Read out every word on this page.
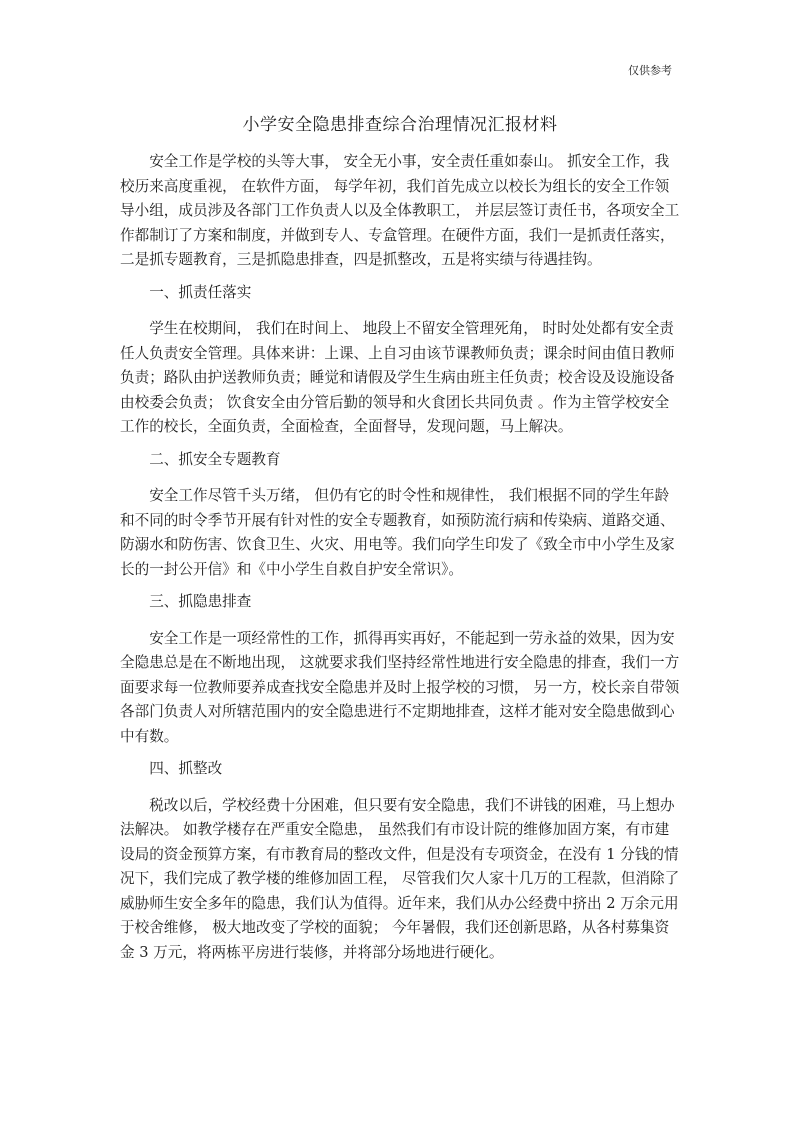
仅供参考
小学安全隐患排查综合治理情况汇报材料

安全工作是学校的头等大事， 安全无小事，安全责任重如泰山。 抓安全工作，我校历来高度重视， 在软件方面， 每学年初，我们首先成立以校长为组长的安全工作领导小组，成员涉及各部门工作负责人以及全体教职工， 并层层签订责任书，各项安全工作都制订了方案和制度，并做到专人、专盒管理。在硬件方面，我们一是抓责任落实，二是抓专题教育，三是抓隐患排查，四是抓整改，五是将实绩与待遇挂钩。

一、抓责任落实

学生在校期间， 我们在时间上、 地段上不留安全管理死角， 时时处处都有安全责任人负责安全管理。具体来讲：上课、上自习由该节课教师负责；课余时间由值日教师负责；路队由护送教师负责；睡觉和请假及学生生病由班主任负责；校舍设及设施设备由校委会负责； 饮食安全由分管后勤的领导和火食团长共同负责 。作为主管学校安全工作的校长，全面负责，全面检查，全面督导，发现问题，马上解决。

二、抓安全专题教育

安全工作尽管千头万绪， 但仍有它的时令性和规律性， 我们根据不同的学生年龄和不同的时令季节开展有针对性的安全专题教育，如预防流行病和传染病、道路交通、防溺水和防伤害、饮食卫生、火灾、用电等。我们向学生印发了《致全市中小学生及家长的一封公开信》和《中小学生自救自护安全常识》。

三、抓隐患排查

安全工作是一项经常性的工作，抓得再实再好，不能起到一劳永益的效果，因为安全隐患总是在不断地出现， 这就要求我们坚持经常性地进行安全隐患的排查，我们一方面要求每一位教师要养成查找安全隐患并及时上报学校的习惯， 另一方，校长亲自带领各部门负责人对所辖范围内的安全隐患进行不定期地排查，这样才能对安全隐患做到心中有数。

四、抓整改

税改以后，学校经费十分困难，但只要有安全隐患，我们不讲钱的困难，马上想办法解决。 如教学楼存在严重安全隐患， 虽然我们有市设计院的维修加固方案，有市建设局的资金预算方案，有市教育局的整改文件，但是没有专项资金，在没有 1 分钱的情况下，我们完成了教学楼的维修加固工程， 尽管我们欠人家十几万的工程款，但消除了威胁师生安全多年的隐患，我们认为值得。近年来，我们从办公经费中挤出 2 万余元用于校舍维修， 极大地改变了学校的面貌； 今年暑假，我们还创新思路，从各村募集资金 3 万元，将两栋平房进行装修，并将部分场地进行硬化。
